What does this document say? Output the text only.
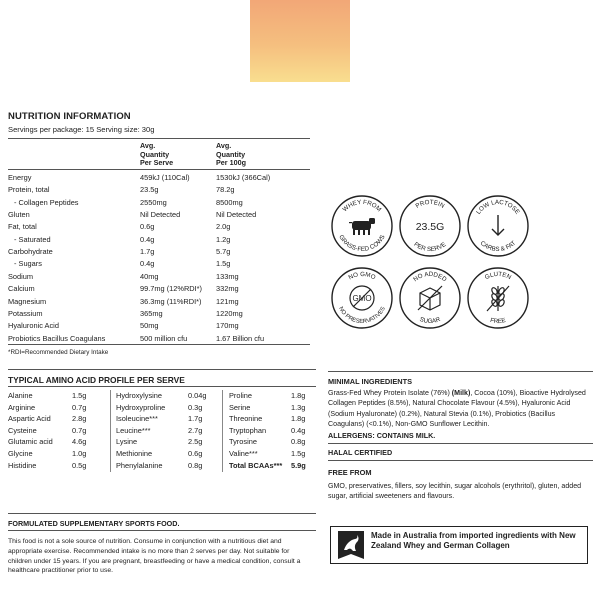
NUTRITION INFORMATION
Servings per package: 15 Serving size: 30g
Avg.
Quantity
Per Serve
Avg.
Quantity
Per 100g
Energy	459kJ (110Cal)	1530kJ (366Cal)
Protein, total	23.5g	78.2g
- Collagen Peptides	2550mg	8500mg
Gluten	Nil Detected	Nil Detected
Fat, total	0.6g	2.0g
- Saturated	0.4g	1.2g
Carbohydrate	1.7g	5.7g
- Sugars	0.4g	1.5g
Sodium	40mg	133mg
Calcium	99.7mg (12%RDI*) 332mg
Magnesium	36.3mg (11%RDI*) 121mg
Potassium	365mg	1220mg
Hyaluronic Acid	50mg	170mg
Probiotics Bacillus Coagulans	500 million cfu	1.67 Billion cfu
*RDI=Recommended Dietary Intake
WHEY FROM
GRASS-FED COWS
PROTEIN
23.5G
PER SERVE
LOW LACTOSE
CARBS & FAT
NO GMO
GMO
NO PRESERVATIVES
NO ADDED
SUGAR
GLUTEN
FREE
TYPICAL AMINO ACID PROFILE PER SERVE
Alanine	1.5g
Arginine	0.7g
Aspartic Acid	2.8g
Cysteine	0.7g
Glutamic acid	4.6g
Glycine	1.0g
Histidine	0.5g
Hydroxylysine	0.04g
Hydroxyproline	0.3g
Isoleucine***	1.7g
Leucine***	2.7g
Lysine	2.5g
Methionine	0.6g
Phenylalanine	0.8g
Proline	1.8g
Serine	1.3g
Threonine	1.8g
Tryptophan	0.4g
Tyrosine	0.8g
Valine***	1.5g
Total BCAAs*** 5.9g
MINIMAL INGREDIENTS
Grass-Fed Whey Protein Isolate (76%) (Milk), Cocoa (10%), Bioactive Hydrolysed Collagen Peptides (8.5%), Natural Chocolate Flavour (4.5%), Hyaluronic Acid (Sodium Hyaluronate) (0.2%), Natural Stevia (0.1%), Probiotics (Bacillus Coagulans) (<0.1%), Non-GMO Sunflower Lecithin.
ALLERGENS: CONTAINS MILK.
HALAL CERTIFIED
FREE FROM
GMO, preservatives, fillers, soy lecithin, sugar alcohols (erythritol), gluten, added sugar, artificial sweeteners and flavours.
FORMULATED SUPPLEMENTARY SPORTS FOOD.
This food is not a sole source of nutrition. Consume in conjunction with a nutritious diet and appropriate exercise. Recommended intake is no more than 2 serves per day. Not suitable for children under 15 years. If you are pregnant, breastfeeding or have a medical condition, consult a healthcare practitioner prior to use.
Made in Australia from imported ingredients with New Zealand Whey and German Collagen
